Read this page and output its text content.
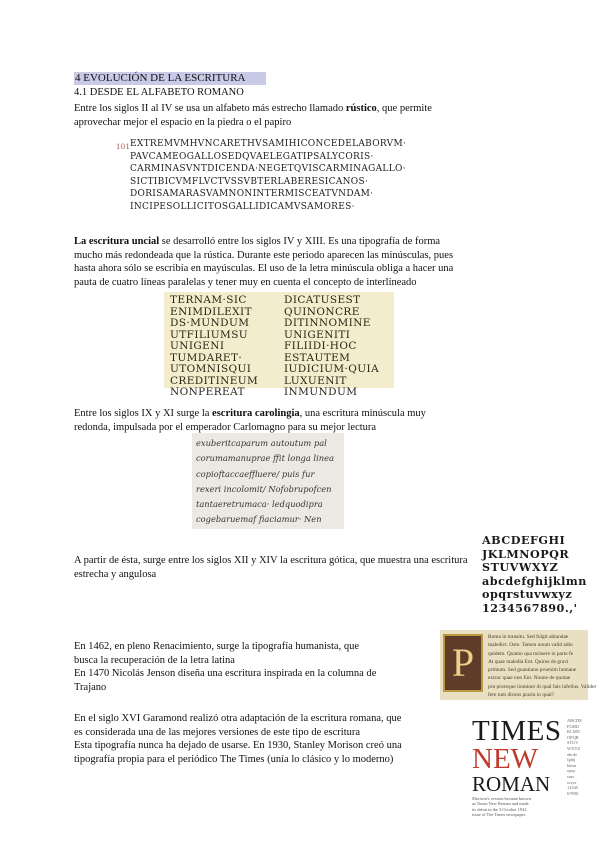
4 EVOLUCIÓN DE LA ESCRITURA
4.1 DESDE EL ALFABETO ROMANO
Entre los siglos II al IV se usa un alfabeto más estrecho llamado rústico, que permite
aprovechar mejor el espacio en la piedra o el papiro

101

EXTREMVMHVNCARETHVSAMIHICONCEDELABORVM·
PAVCAMEOGALLOSEDQVAELEGATIPSALYCORIS·
CARMINASVNTDICENDA·NEGETQVISCARMINAGALLO·
SICTIBICVMFLVCTVSSVBTERLABERESICANOS·
DORISAMARASVAMNONINTERMISCEATVNDAM·
INCIPESOLLICITOSGALLIDICAMVSAMORES·

La escritura uncial se desarrolló entre los siglos IV y XIII. Es una tipografía de forma
mucho más redondeada que la rústica. Durante este periodo aparecen las minúsculas, pues
hasta ahora sólo se escribía en mayúsculas. El uso de la letra minúscula obliga a hacer una
pauta de cuatro líneas paralelas y tener muy en cuenta el concepto de interlineado
TERNAM·SIC
ENIMDILEXIT
DS·MUNDUM
UTFILIUMSU
UNIGENI
TUMDARET·
UTOMNISQUI
CREDITINEUM
NONPEREAT
DICATUSEST
QUINONCRE
DITINNOMINE
UNIGENITI
FILIIDI·HOC
ESTAUTEM
IUDICIUM·QUIA
LUXUENIT
INMUNDUM
Entre los siglos IX y XI surge la escritura carolingia, una escritura minúscula muy
redonda, impulsada por el emperador Carlomagno para su mejor lectura
exuberitcaparum autoutum pal
corumamanuprae ffit longa linea
copioftaccaeffluere/ puis fur
rexeri incolomit/ Nofobrupofcen
tantaeretrumaca· ledquodipra
cogebaruemaf fiaciamur· Nen
A partir de ésta, surge entre los siglos XII y XIV la escritura gótica, que muestra una escritura
estrecha y angulosa
ABCDEFGHI
JKLMNOPQR
STUVWXYZ
abcdefghijklmn
opqrstuvwxyz
1234567890.,'
En 1462, en pleno Renacimiento, surge la tipografía humanista, que
busca la recuperación de la letra latina
En 1470 Nicolás Jenson diseña una escritura inspirada en la columna de
Trajano
P
Roma in transitu. Sed fulgit ablandae
maledict. Oste. Tamen unum valid adiu
quidem. Quamo qua turinere in parte fe
At quae maledia Ent. Quirus de gravi
primum. Sed guantiano pruenim humane
extrac quae non Ent. Nonne de quotae
pru proreque iiominer di qual fais infellus. Valider
fere tum dicens prariu in qual?
En el siglo XVI Garamond realizó otra adaptación de la escritura romana, que
es considerada una de las mejores versiones de este tipo de escritura
Esta tipografía nunca ha dejado de usarse. En 1930, Stanley Morison creó una
tipografía propia para el periódico The Times (unía lo clásico y lo moderno)
TIMES
NEW
ROMAN
ABCDE
FGHIJ
KLMN
OPQR
STUV
WXYZ
abcde
fghij
klmn
opqr
stuv
wxyz
12345
67890
Morison's version became known
as Times New Roman and made
its debut in the 3 October 1932
issue of The Times newspaper.
